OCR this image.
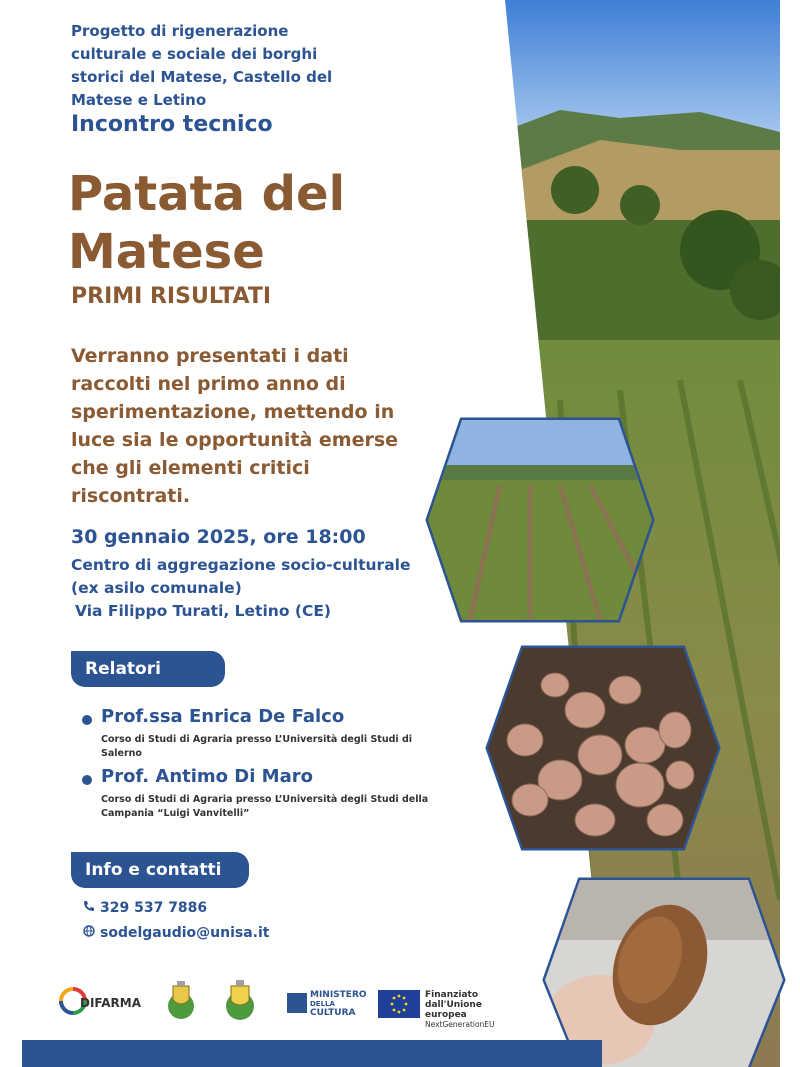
Progetto di rigenerazione
culturale e sociale dei borghi
storici del Matese, Castello del
Matese e Letino
Incontro tecnico
Patata del
Matese
PRIMI RISULTATI
Verranno presentati i dati
raccolti nel primo anno di
sperimentazione, mettendo in
luce sia le opportunità emerse
che gli elementi critici
riscontrati.
30 gennaio 2025, ore 18:00
Centro di aggregazione socio-culturale
(ex asilo comunale)
Via Filippo Turati, Letino (CE)
Relatori
Prof.ssa Enrica De Falco
Corso di Studi di Agraria presso L’Università degli Studi di Salerno
Prof. Antimo Di Maro
Corso di Studi di Agraria presso L’Università degli Studi della Campania “Luigi Vanvitelli”
Info e contatti
329 537 7886
sodelgaudio@unisa.it
DIFARMA
MINISTERO
DELLA
CULTURA
Finanziato
dall'Unione europea
NextGenerationEU
